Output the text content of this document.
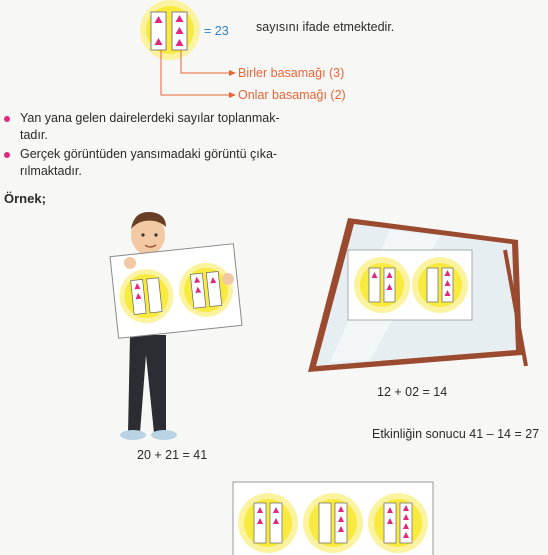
= 23 sayısını ifade etmektedir.
Birler basamağı (3)
Onlar basamağı (2)
Yan yana gelen dairelerdeki sayılar toplanmak-
tadır.
Gerçek görüntüden yansımadaki görüntü çıka-
rılmaktadır.
Örnek;
20 + 21 = 41
12 + 02 = 14
Etkinliğin sonucu 41 – 14 = 27
